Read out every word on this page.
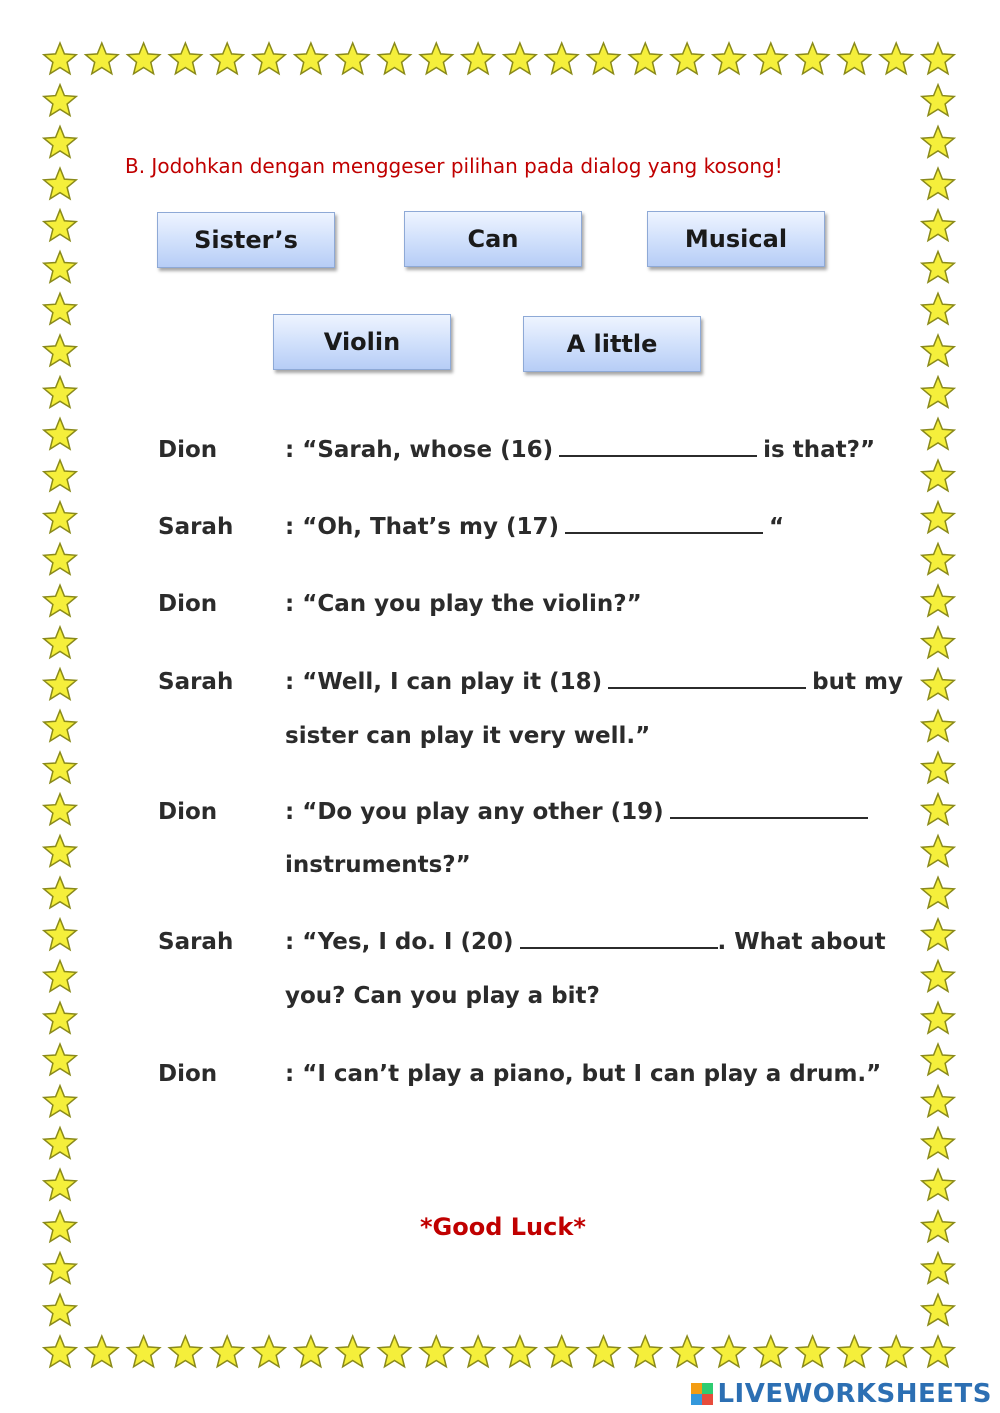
B. Jodohkan dengan menggeser pilihan pada dialog yang kosong!
Sister’s	Can	Musical
Violin	A little
Dion	: “Sarah, whose (16)	is that?”
Sarah : “Oh, That’s my (17)	“
Dion	: “Can you play the violin?”
Sarah : “Well, I can play it (18)	but my
sister can play it very well.”
Dion	: “Do you play any other (19)
instruments?”
Sarah : “Yes, I do. I (20)	. What about
you? Can you play a bit?
Dion	: “I can’t play a piano, but I can play a drum.”
*Good Luck*
LIVEWORKSHEETS
